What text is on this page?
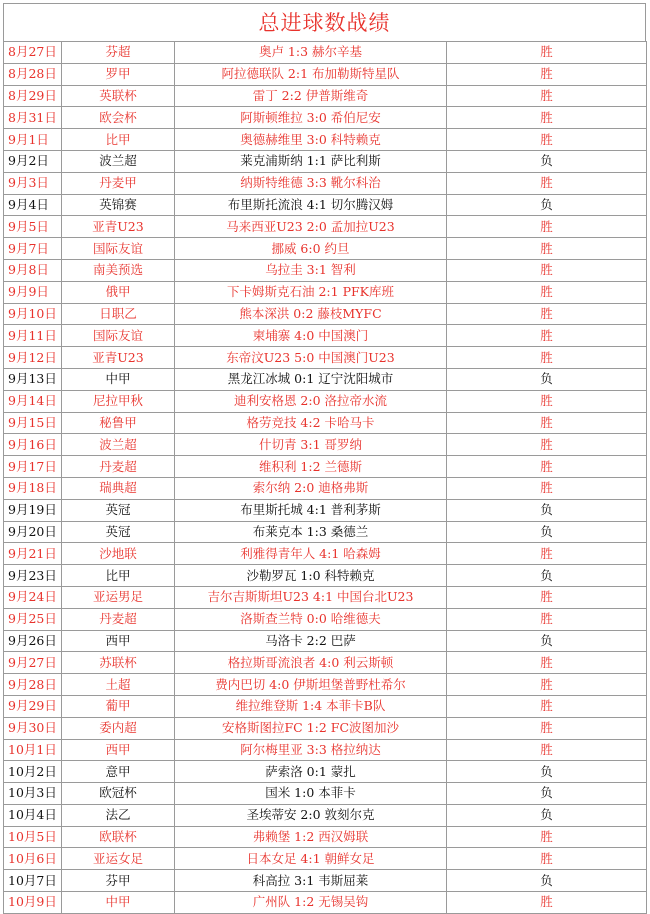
总进球数战绩
8月27日	芬超	奥卢 1:3 赫尔辛基	胜
8月28日	罗甲	阿拉德联队 2:1 布加勒斯特星队	胜
8月29日	英联杯	雷丁 2:2 伊普斯维奇	胜
8月31日	欧会杯	阿斯顿维拉 3:0 希伯尼安	胜
9月1日	比甲	奥德赫维里 3:0 科特赖克	胜
9月2日	波兰超	莱克浦斯纳 1:1 萨比利斯	负
9月3日	丹麦甲	纳斯特维德 3:3 靴尔科治	胜
9月4日	英锦赛	布里斯托流浪 4:1 切尔腾汉姆	负
9月5日	亚青U23	马来西亚U23 2:0 孟加拉U23	胜
9月7日	国际友谊	挪威 6:0 约旦	胜
9月8日	南美预选	乌拉圭 3:1 智利	胜
9月9日	俄甲	下卡姆斯克石油 2:1 PFK库班	胜
9月10日	日职乙	熊本深洪 0:2 藤枝MYFC	胜
9月11日	国际友谊	柬埔寨 4:0 中国澳门	胜
9月12日	亚青U23	东帝汶U23 5:0 中国澳门U23	胜
9月13日	中甲	黑龙江冰城 0:1 辽宁沈阳城市	负
9月14日	尼拉甲秋	迪利安格恩 2:0 洛拉帝水流	胜
9月15日	秘鲁甲	格劳竞技 4:2 卡哈马卡	胜
9月16日	波兰超	什切青 3:1 哥罗纳	胜
9月17日	丹麦超	维积利 1:2 兰德斯	胜
9月18日	瑞典超	索尔纳 2:0 迪格弗斯	胜
9月19日	英冠	布里斯托城 4:1 普利茅斯	负
9月20日	英冠	布莱克本 1:3 桑德兰	负
9月21日	沙地联	利雅得青年人 4:1 哈森姆	胜
9月23日	比甲	沙勒罗瓦 1:0 科特赖克	负
9月24日	亚运男足	吉尔吉斯斯坦U23 4:1 中国台北U23	胜
9月25日	丹麦超	洛斯查兰特 0:0 哈维德夫	胜
9月26日	西甲	马洛卡 2:2 巴萨	负
9月27日	苏联杯	格拉斯哥流浪者 4:0 利云斯顿	胜
9月28日	土超	费内巴切 4:0 伊斯坦堡普野杜希尔	胜
9月29日	葡甲	维拉维登斯 1:4 本菲卡B队	胜
9月30日	委内超	安格斯图拉FC 1:2 FC波图加沙	胜
10月1日	西甲	阿尔梅里亚 3:3 格拉纳达	胜
10月2日	意甲	萨索洛 0:1 蒙扎	负
10月3日	欧冠杯	国米 1:0 本菲卡	负
10月4日	法乙	圣埃蒂安 2:0 敦刻尔克	负
10月5日	欧联杯	弗赖堡 1:2 西汉姆联	胜
10月6日	亚运女足	日本女足 4:1 朝鲜女足	胜
10月7日	芬甲	科高拉 3:1 韦斯屈莱	负
10月9日	中甲	广州队 1:2 无锡吴钩	胜
